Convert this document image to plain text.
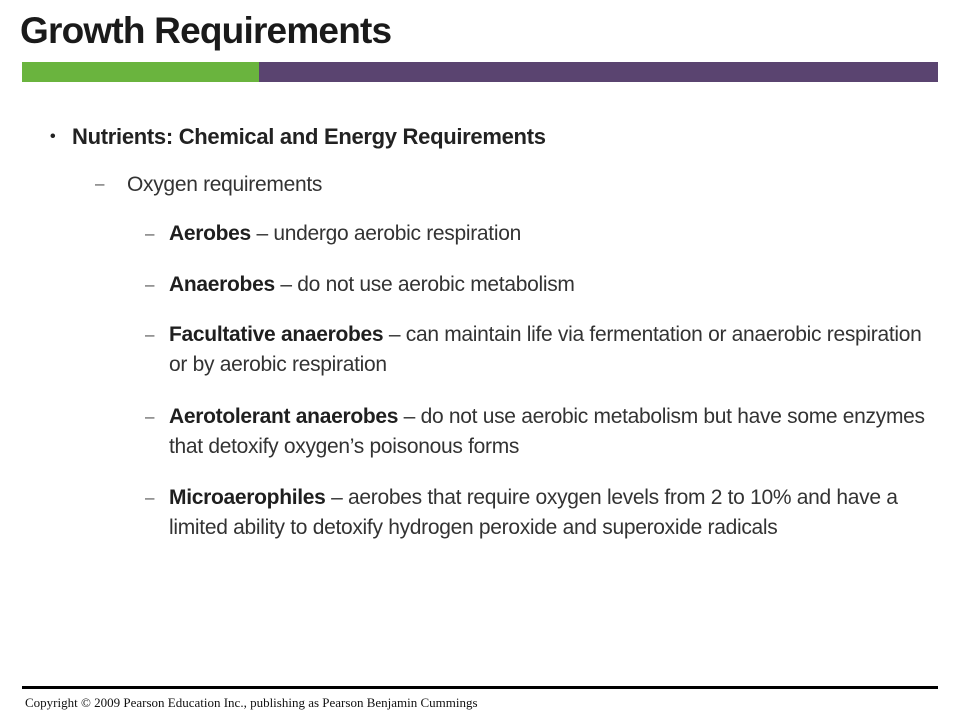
Growth Requirements
• Nutrients: Chemical and Energy Requirements
– Oxygen requirements
– Aerobes – undergo aerobic respiration
– Anaerobes – do not use aerobic metabolism
– Facultative anaerobes – can maintain life via fermentation or anaerobic respiration or by aerobic respiration
– Aerotolerant anaerobes – do not use aerobic metabolism but have some enzymes that detoxify oxygen’s poisonous forms
– Microaerophiles – aerobes that require oxygen levels from 2 to 10% and have a limited ability to detoxify hydrogen peroxide and superoxide radicals
Copyright © 2009 Pearson Education Inc., publishing as Pearson Benjamin Cummings
